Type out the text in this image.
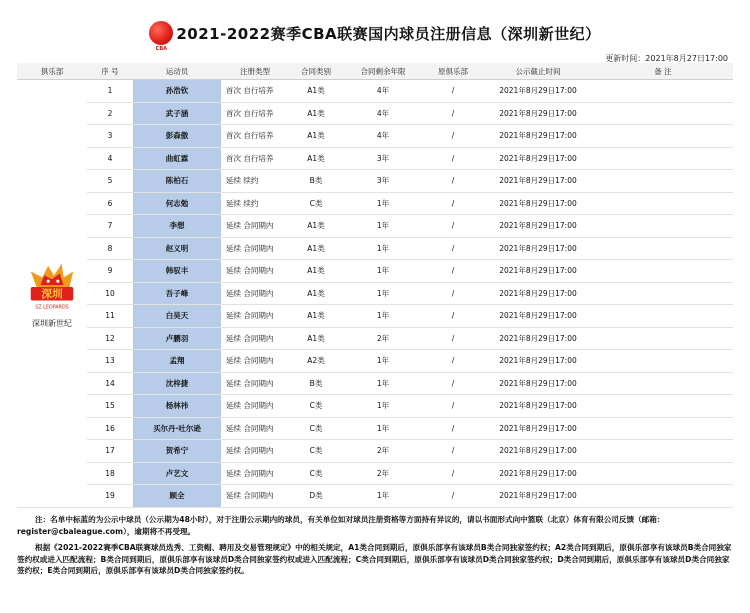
CBA
2021-2022赛季CBA联赛国内球员注册信息（深圳新世纪）
更新时间：2021年8月27日17:00
俱乐部	序 号	运动员	注册类型	合同类别	合同剩余年限	原俱乐部	公示截止时间	备 注

深圳
SZ LEOPARDS
深圳新世纪	1	孙浩钦	首次 自行培养	A1类	4年	/	2021年8月29日17:00	
	2	武子涵	首次 自行培养	A1类	4年	/	2021年8月29日17:00	
	3	彭森傲	首次 自行培养	A1类	4年	/	2021年8月29日17:00	
	4	曲虹霖	首次 自行培养	A1类	3年	/	2021年8月29日17:00	
	5	陈柏石	延续 续约	B类	3年	/	2021年8月29日17:00	
	6	何志勉	延续 续约	C类	1年	/	2021年8月29日17:00	
	7	李想	延续 合同期内	A1类	1年	/	2021年8月29日17:00	
	8	赵义明	延续 合同期内	A1类	1年	/	2021年8月29日17:00	
	9	韩驭丰	延续 合同期内	A1类	1年	/	2021年8月29日17:00	
	10	吾子峰	延续 合同期内	A1类	1年	/	2021年8月29日17:00	
	11	白昊天	延续 合同期内	A1类	1年	/	2021年8月29日17:00	
	12	卢鹏羽	延续 合同期内	A1类	2年	/	2021年8月29日17:00	
	13	孟翔	延续 合同期内	A2类	1年	/	2021年8月29日17:00	
	14	沈梓捷	延续 合同期内	B类	1年	/	2021年8月29日17:00	
	15	杨林祎	延续 合同期内	C类	1年	/	2021年8月29日17:00	
	16	买尔丹·吐尔逊	延续 合同期内	C类	1年	/	2021年8月29日17:00	
	17	贺希宁	延续 合同期内	C类	2年	/	2021年8月29日17:00	
	18	卢艺文	延续 合同期内	C类	2年	/	2021年8月29日17:00	
	19	顾全	延续 合同期内	D类	1年	/	2021年8月29日17:00	

注：名单中标蓝的为公示中球员（公示期为48小时），对于注册公示期内的球员，有关单位如对球员注册资格等方面持有异议的，请以书面形式向中篮联（北京）体育有限公司反馈（邮箱：register@cbaleague.com），逾期将不再受理。

根据《2021-2022赛季CBA联赛球员选秀、工资帽、聘用及交易管理规定》中的相关规定，A1类合同到期后，原俱乐部享有该球员B类合同独家签约权；A2类合同到期后，原俱乐部享有该球员B类合同独家签约权或进入匹配流程；B类合同到期后，原俱乐部享有该球员D类合同独家签约权或进入匹配流程；C类合同到期后，原俱乐部享有该球员D类合同独家签约权；D类合同到期后，原俱乐部享有该球员D类合同独家签约权；E类合同到期后，原俱乐部享有该球员D类合同独家签约权。
